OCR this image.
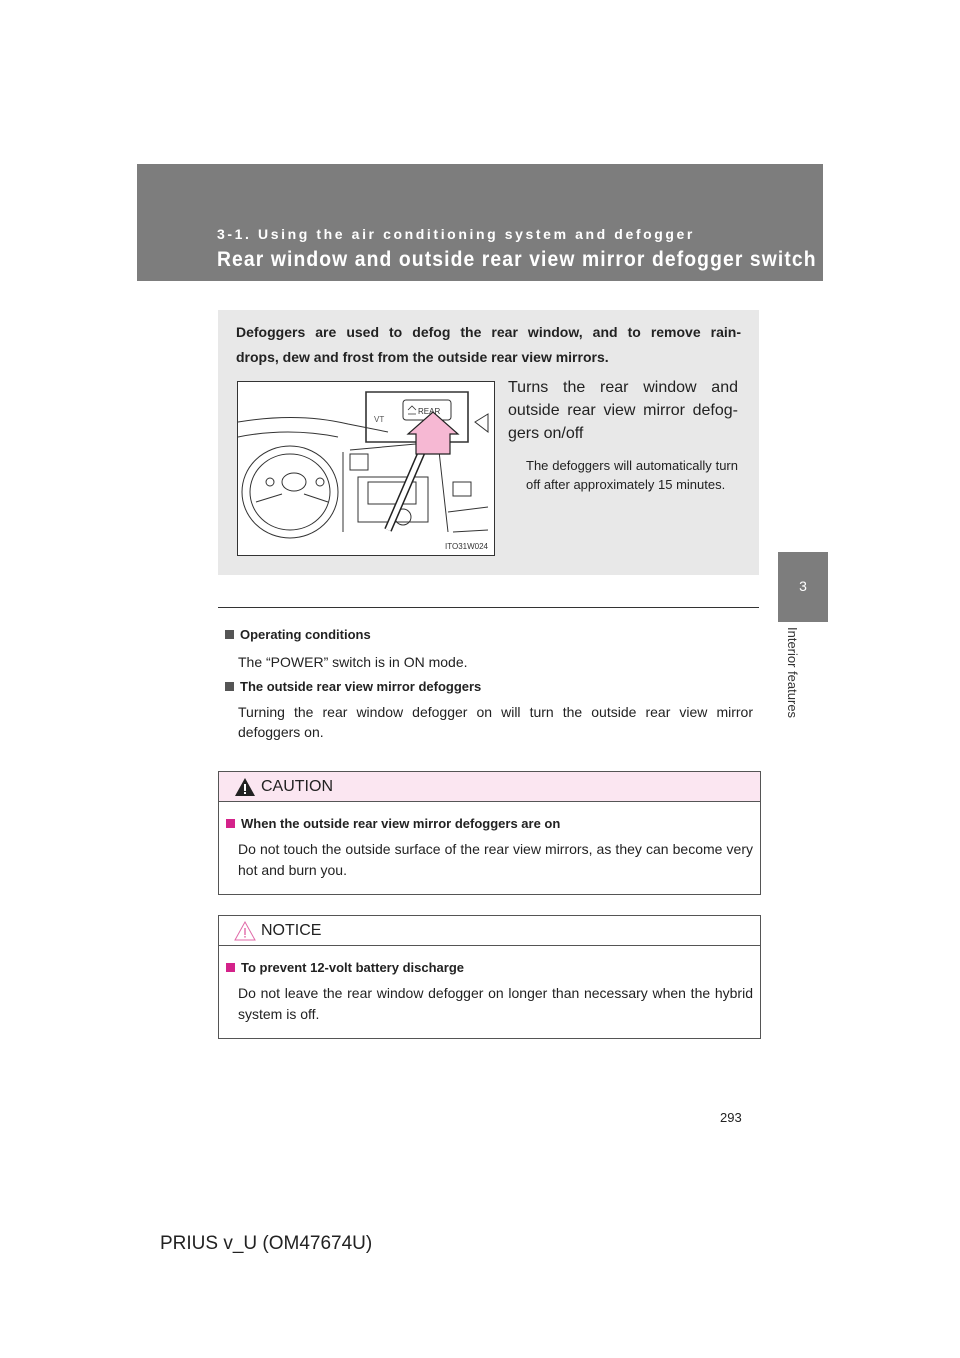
3-1. Using the air conditioning system and defogger
Rear window and outside rear view mirror defogger switch
3
Interior features
Defoggers are used to defog the rear window, and to remove rain-
drops, dew and frost from the outside rear view mirrors.
REAR
VT
ITO31W024
Turns the rear window and
outside rear view mirror defog-
gers on/off
The defoggers will automatically turn off after approximately 15 minutes.
Operating conditions
The “POWER” switch is in ON mode.
The outside rear view mirror defoggers
Turning the rear window defogger on will turn the outside rear view mirror defoggers on.
CAUTION
When the outside rear view mirror defoggers are on
Do not touch the outside surface of the rear view mirrors, as they can become very hot and burn you.
NOTICE
To prevent 12-volt battery discharge
Do not leave the rear window defogger on longer than necessary when the hybrid system is off.
293
PRIUS v_U (OM47674U)
